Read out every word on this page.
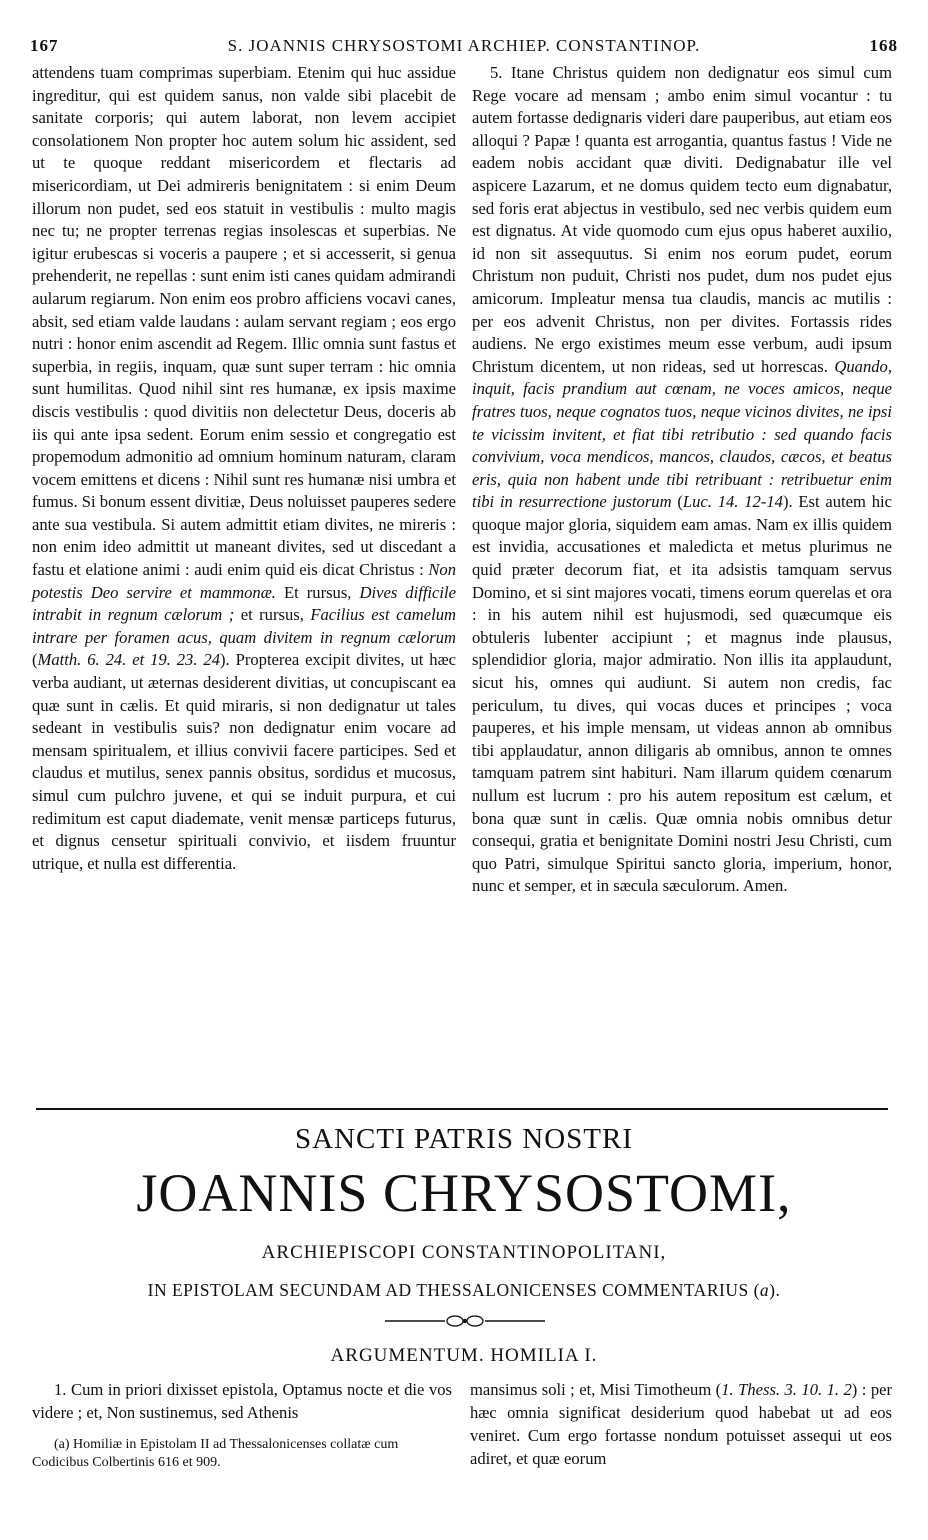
167	S. JOANNIS CHRYSOSTOMI ARCHIEP. CONSTANTINOP.	168

attendens tuam comprimas superbiam. Etenim qui huc assidue ingreditur, qui est quidem sanus, non valde sibi placebit de sanitate corporis; qui autem laborat, non levem accipiet consolationem Non propter hoc autem solum hic assident, sed ut te quoque reddant misericordem et flectaris ad misericordiam, ut Dei admireris benignitatem : si enim Deum illorum non pudet, sed eos statuit in vestibulis : multo magis nec tu; ne propter terrenas regias insolescas et superbias. Ne igitur erubescas si voceris a paupere ; et si accesserit, si genua prehenderit, ne repellas : sunt enim isti canes quidam admirandi aularum regiarum. Non enim eos probro afficiens vocavi canes, absit, sed etiam valde laudans : aulam servant regiam ; eos ergo nutri : honor enim ascendit ad Regem. Illic omnia sunt fastus et superbia, in regiis, inquam, quæ sunt super terram : hic omnia sunt humilitas. Quod nihil sint res humanæ, ex ipsis maxime discis vestibulis : quod divitiis non delectetur Deus, doceris ab iis qui ante ipsa sedent. Eorum enim sessio et congregatio est propemodum admonitio ad omnium hominum naturam, claram vocem emittens et dicens : Nihil sunt res humanæ nisi umbra et fumus. Si bonum essent divitiæ, Deus noluisset pauperes sedere ante sua vestibula. Si autem admittit etiam divites, ne mireris : non enim ideo admittit ut maneant divites, sed ut discedant a fastu et elatione animi : audi enim quid eis dicat Christus : Non potestis Deo servire et mammonæ. Et rursus, Dives difficile intrabit in regnum cælorum ; et rursus, Facilius est camelum intrare per foramen acus, quam divitem in regnum cælorum (Matth. 6. 24. et 19. 23. 24). Propterea excipit divites, ut hæc verba audiant, ut æternas desiderent divitias, ut concupiscant ea quæ sunt in cælis. Et quid miraris, si non dedignatur ut tales sedeant in vestibulis suis? non dedignatur enim vocare ad mensam spiritualem, et illius convivii facere participes. Sed et claudus et mutilus, senex pannis obsitus, sordidus et mucosus, simul cum pulchro juvene, et qui se induit purpura, et cui redimitum est caput diademate, venit mensæ particeps futurus, et dignus censetur spirituali convivio, et iisdem fruuntur utrique, et nulla est differentia.

5. Itane Christus quidem non dedignatur eos simul cum Rege vocare ad mensam ; ambo enim simul vocantur : tu autem fortasse dedignaris videri dare pauperibus, aut etiam eos alloqui ? Papæ ! quanta est arrogantia, quantus fastus ! Vide ne eadem nobis accidant quæ diviti. Dedignabatur ille vel aspicere Lazarum, et ne domus quidem tecto eum dignabatur, sed foris erat abjectus in vestibulo, sed nec verbis quidem eum est dignatus. At vide quomodo cum ejus opus haberet auxilio, id non sit assequutus. Si enim nos eorum pudet, eorum Christum non puduit, Christi nos pudet, dum nos pudet ejus amicorum. Impleatur mensa tua claudis, mancis ac mutilis : per eos advenit Christus, non per divites. Fortassis rides audiens. Ne ergo existimes meum esse verbum, audi ipsum Christum dicentem, ut non rideas, sed ut horrescas. Quando, inquit, facis prandium aut cœnam, ne voces amicos, neque fratres tuos, neque cognatos tuos, neque vicinos divites, ne ipsi te vicissim invitent, et fiat tibi retributio : sed quando facis convivium, voca mendicos, mancos, claudos, cæcos, et beatus eris, quia non habent unde tibi retribuant : retribuetur enim tibi in resurrectione justorum (Luc. 14. 12-14). Est autem hic quoque major gloria, siquidem eam amas. Nam ex illis quidem est invidia, accusationes et maledicta et metus plurimus ne quid præter decorum fiat, et ita adsistis tamquam servus Domino, et si sint majores vocati, timens eorum querelas et ora : in his autem nihil est hujusmodi, sed quæcumque eis obtuleris lubenter accipiunt ; et magnus inde plausus, splendidior gloria, major admiratio. Non illis ita applaudunt, sicut his, omnes qui audiunt. Si autem non credis, fac periculum, tu dives, qui vocas duces et principes ; voca pauperes, et his imple mensam, ut videas annon ab omnibus tibi applaudatur, annon diligaris ab omnibus, annon te omnes tamquam patrem sint habituri. Nam illarum quidem cœnarum nullum est lucrum : pro his autem repositum est cælum, et bona quæ sunt in cælis. Quæ omnia nobis omnibus detur consequi, gratia et benignitate Domini nostri Jesu Christi, cum quo Patri, simulque Spiritui sancto gloria, imperium, honor, nunc et semper, et in sæcula sæculorum. Amen.

SANCTI PATRIS NOSTRI
JOANNIS CHRYSOSTOMI,
ARCHIEPISCOPI CONSTANTINOPOLITANI,
IN EPISTOLAM SECUNDAM AD THESSALONICENSES COMMENTARIUS (a).
ARGUMENTUM. HOMILIA I.

1. Cum in priori dixisset epistola, Optamus nocte et die vos videre ; et, Non sustinemus, sed Athenis

mansimus soli ; et, Misi Timotheum (1. Thess. 3. 10. 1. 2) : per hæc omnia significat desiderium quod habebat ut ad eos veniret. Cum ergo fortasse nondum potuisset assequi ut eos adiret, et quæ eorum

(a) Homiliæ in Epistolam II ad Thessalonicenses collatæ cum Codicibus Colbertinis 616 et 909.
